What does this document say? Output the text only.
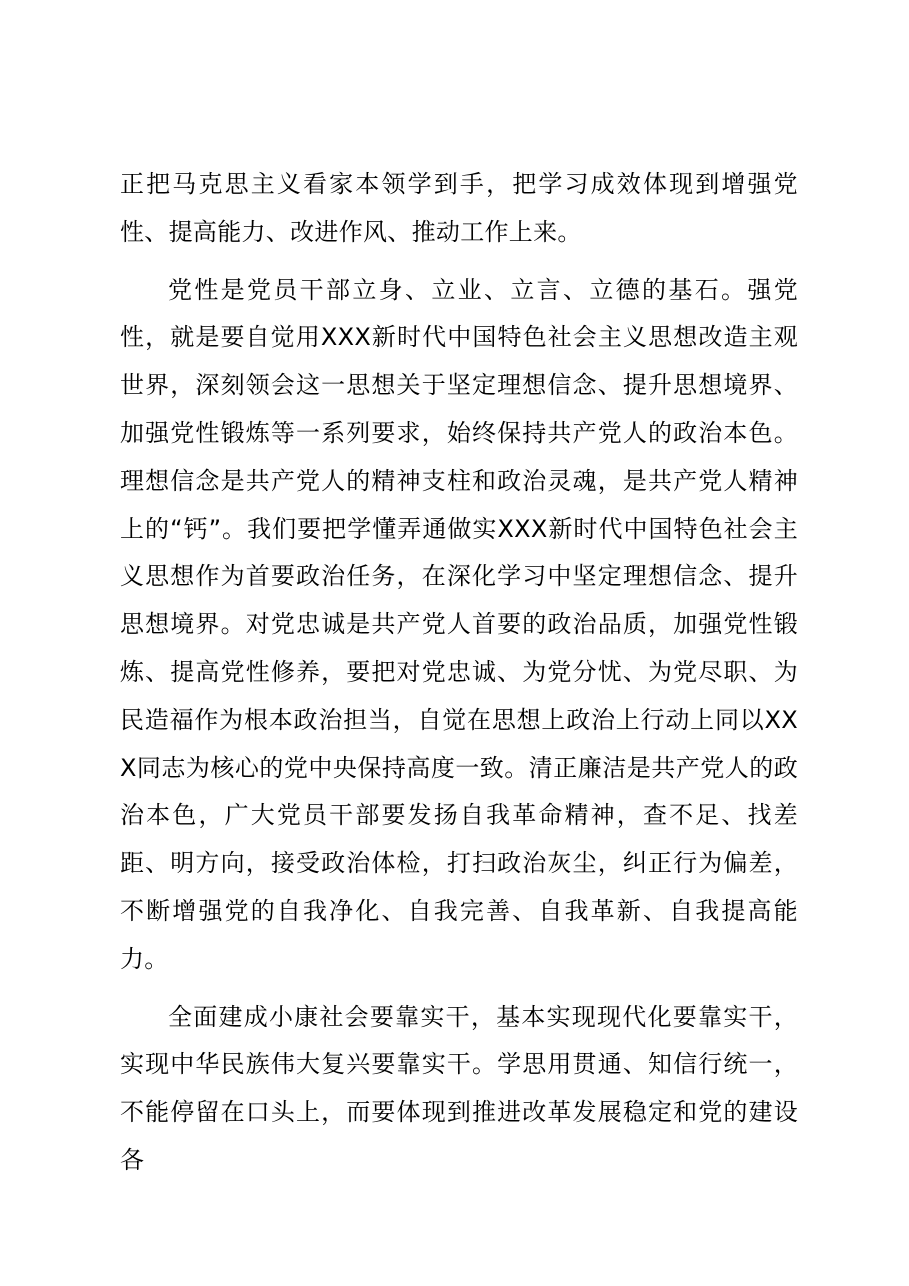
正把马克思主义看家本领学到手，把学习成效体现到增强党性、提高能力、改进作风、推动工作上来。

党性是党员干部立身、立业、立言、立德的基石。强党性，就是要自觉用XXX新时代中国特色社会主义思想改造主观世界，深刻领会这一思想关于坚定理想信念、提升思想境界、加强党性锻炼等一系列要求，始终保持共产党人的政治本色。理想信念是共产党人的精神支柱和政治灵魂，是共产党人精神上的“钙”。我们要把学懂弄通做实XXX新时代中国特色社会主义思想作为首要政治任务，在深化学习中坚定理想信念、提升思想境界。对党忠诚是共产党人首要的政治品质，加强党性锻炼、提高党性修养，要把对党忠诚、为党分忧、为党尽职、为民造福作为根本政治担当，自觉在思想上政治上行动上同以XXX同志为核心的党中央保持高度一致。清正廉洁是共产党人的政治本色，广大党员干部要发扬自我革命精神，查不足、找差距、明方向，接受政治体检，打扫政治灰尘，纠正行为偏差，不断增强党的自我净化、自我完善、自我革新、自我提高能力。

全面建成小康社会要靠实干，基本实现现代化要靠实干，实现中华民族伟大复兴要靠实干。学思用贯通、知信行统一，不能停留在口头上，而要体现到推进改革发展稳定和党的建设各
